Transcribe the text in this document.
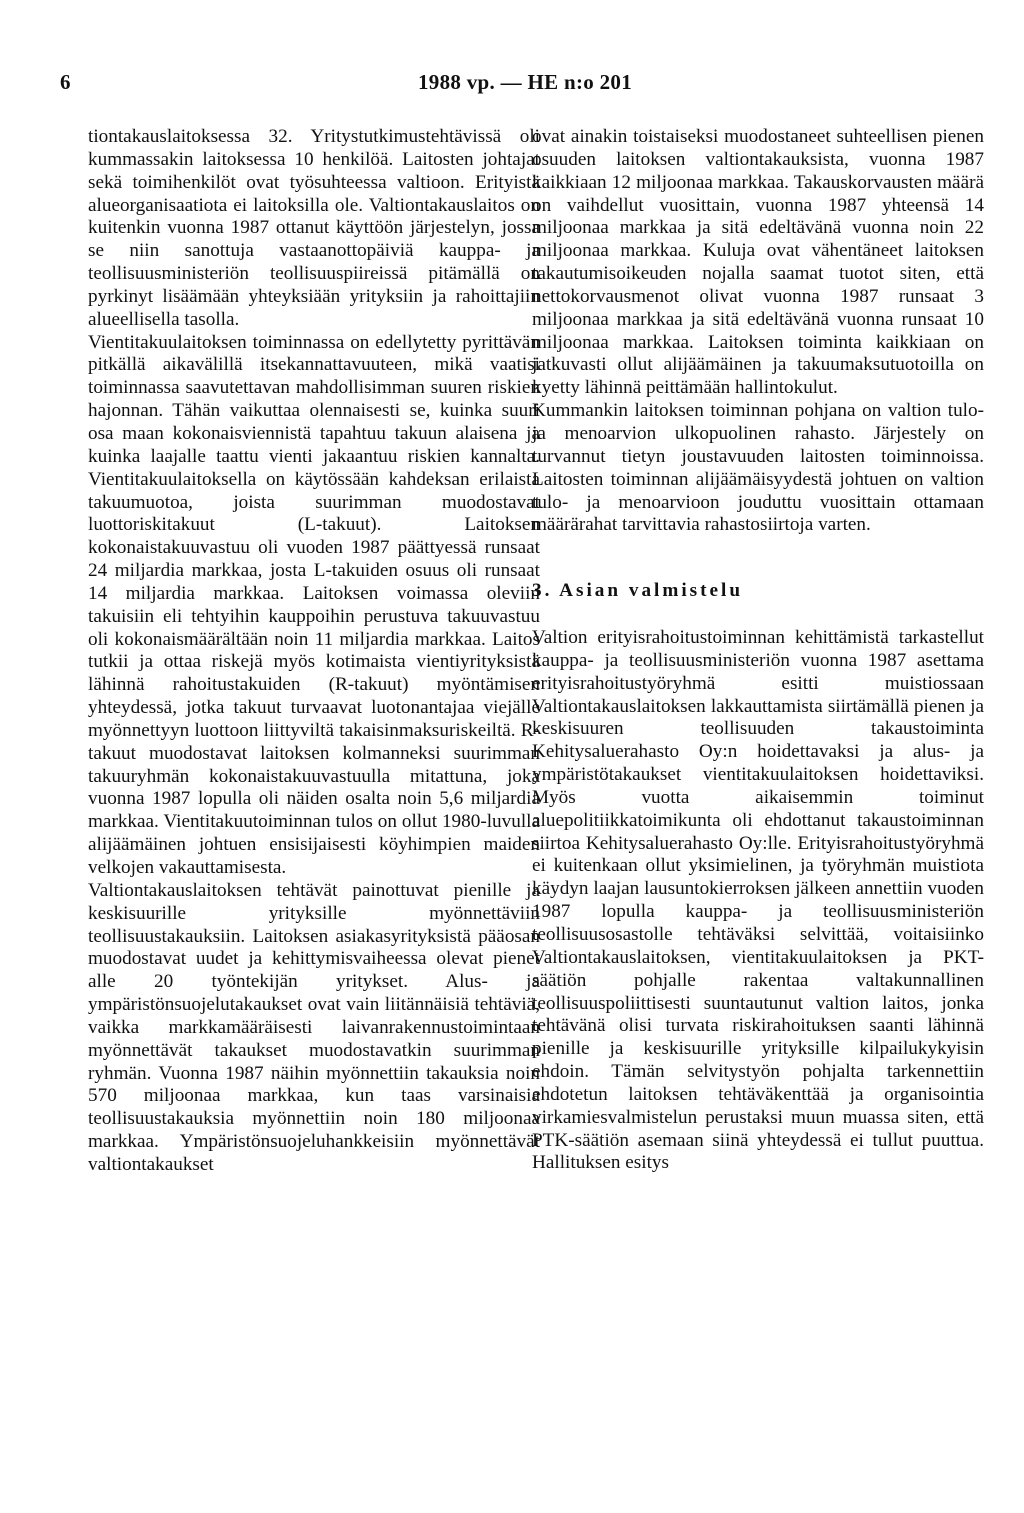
6	1988 vp. — HE n:o 201

tiontakauslaitoksessa 32. Yritystutkimustehtävissä oli kummassakin laitoksessa 10 henkilöä. Laitosten johtajat sekä toimihenkilöt ovat työsuhteessa valtioon. Erityistä alueorganisaatiota ei laitoksilla ole. Valtiontakauslaitos on kuitenkin vuonna 1987 ottanut käyttöön järjestelyn, jossa se niin sanottuja vastaanottopäiviä kauppa- ja teollisuusministeriön teollisuuspiireissä pitämällä on pyrkinyt lisäämään yhteyksiään yrityksiin ja rahoittajiin alueellisella tasolla.

Vientitakuulaitoksen toiminnassa on edellytetty pyrittävän pitkällä aikavälillä itsekannattavuuteen, mikä vaatisi toiminnassa saavutettavan mahdollisimman suuren riskien hajonnan. Tähän vaikuttaa olennaisesti se, kuinka suuri osa maan kokonaisviennistä tapahtuu takuun alaisena ja kuinka laajalle taattu vienti jakaantuu riskien kannalta. Vientitakuulaitoksella on käytössään kahdeksan erilaista takuumuotoa, joista suurimman muodostavat luottoriskitakuut (L-takuut). Laitoksen kokonaistakuuvastuu oli vuoden 1987 päättyessä runsaat 24 miljardia markkaa, josta L-takuiden osuus oli runsaat 14 miljardia markkaa. Laitoksen voimassa oleviin takuisiin eli tehtyihin kauppoihin perustuva takuuvastuu oli kokonaismäärältään noin 11 miljardia markkaa. Laitos tutkii ja ottaa riskejä myös kotimaista vientiyrityksistä lähinnä rahoitustakuiden (R-takuut) myöntämisen yhteydessä, jotka takuut turvaavat luotonantajaa viejälle myönnettyyn luottoon liittyviltä takaisinmaksuriskeiltä. R-takuut muodostavat laitoksen kolmanneksi suurimman takuuryhmän kokonaistakuuvastuulla mitattuna, joka vuonna 1987 lopulla oli näiden osalta noin 5,6 miljardia markkaa. Vientitakuutoiminnan tulos on ollut 1980-luvulla alijäämäinen johtuen ensisijaisesti köyhimpien maiden velkojen vakauttamisesta.

Valtiontakauslaitoksen tehtävät painottuvat pienille ja keskisuurille yrityksille myönnettäviin teollisuustakauksiin. Laitoksen asiakasyrityksistä pääosan muodostavat uudet ja kehittymisvaiheessa olevat pienet alle 20 työntekijän yritykset. Alus- ja ympäristönsuojelutakaukset ovat vain liitännäisiä tehtäviä, vaikka markkamääräisesti laivanrakennustoimintaan myönnettävät takaukset muodostavatkin suurimman ryhmän. Vuonna 1987 näihin myönnettiin takauksia noin 570 miljoonaa markkaa, kun taas varsinaisia teollisuustakauksia myönnettiin noin 180 miljoonaa markkaa. Ympäristönsuojeluhankkeisiin myönnettävät valtiontakaukset

ovat ainakin toistaiseksi muodostaneet suhteellisen pienen osuuden laitoksen valtiontakauksista, vuonna 1987 kaikkiaan 12 miljoonaa markkaa. Takauskorvausten määrä on vaihdellut vuosittain, vuonna 1987 yhteensä 14 miljoonaa markkaa ja sitä edeltävänä vuonna noin 22 miljoonaa markkaa. Kuluja ovat vähentäneet laitoksen takautumisoikeuden nojalla saamat tuotot siten, että nettokorvausmenot olivat vuonna 1987 runsaat 3 miljoonaa markkaa ja sitä edeltävänä vuonna runsaat 10 miljoonaa markkaa. Laitoksen toiminta kaikkiaan on jatkuvasti ollut alijäämäinen ja takuumaksutuotoilla on kyetty lähinnä peittämään hallintokulut.

Kummankin laitoksen toiminnan pohjana on valtion tulo- ja menoarvion ulkopuolinen rahasto. Järjestely on turvannut tietyn joustavuuden laitosten toiminnoissa. Laitosten toiminnan alijäämäisyydestä johtuen on valtion tulo- ja menoarvioon jouduttu vuosittain ottamaan määrärahat tarvittavia rahastosiirtoja varten.

3. Asian valmistelu

Valtion erityisrahoitustoiminnan kehittämistä tarkastellut kauppa- ja teollisuusministeriön vuonna 1987 asettama erityisrahoitustyöryhmä esitti muistiossaan Valtiontakauslaitoksen lakkauttamista siirtämällä pienen ja keskisuuren teollisuuden takaustoiminta Kehitysaluerahasto Oy:n hoidettavaksi ja alus- ja ympäristötakaukset vientitakuulaitoksen hoidettaviksi. Myös vuotta aikaisemmin toiminut aluepolitiikkatoimikunta oli ehdottanut takaustoiminnan siirtoa Kehitysaluerahasto Oy:lle. Erityisrahoitustyöryhmä ei kuitenkaan ollut yksimielinen, ja työryhmän muistiota käydyn laajan lausuntokierroksen jälkeen annettiin vuoden 1987 lopulla kauppa- ja teollisuusministeriön teollisuusosastolle tehtäväksi selvittää, voitaisiinko Valtiontakauslaitoksen, vientitakuulaitoksen ja PKT-säätiön pohjalle rakentaa valtakunnallinen teollisuuspoliittisesti suuntautunut valtion laitos, jonka tehtävänä olisi turvata riskirahoituksen saanti lähinnä pienille ja keskisuurille yrityksille kilpailukykyisin ehdoin. Tämän selvitystyön pohjalta tarkennettiin ehdotetun laitoksen tehtäväkenttää ja organisointia virkamiesvalmistelun perustaksi muun muassa siten, että PTK-säätiön asemaan siinä yhteydessä ei tullut puuttua. Hallituksen esitys
